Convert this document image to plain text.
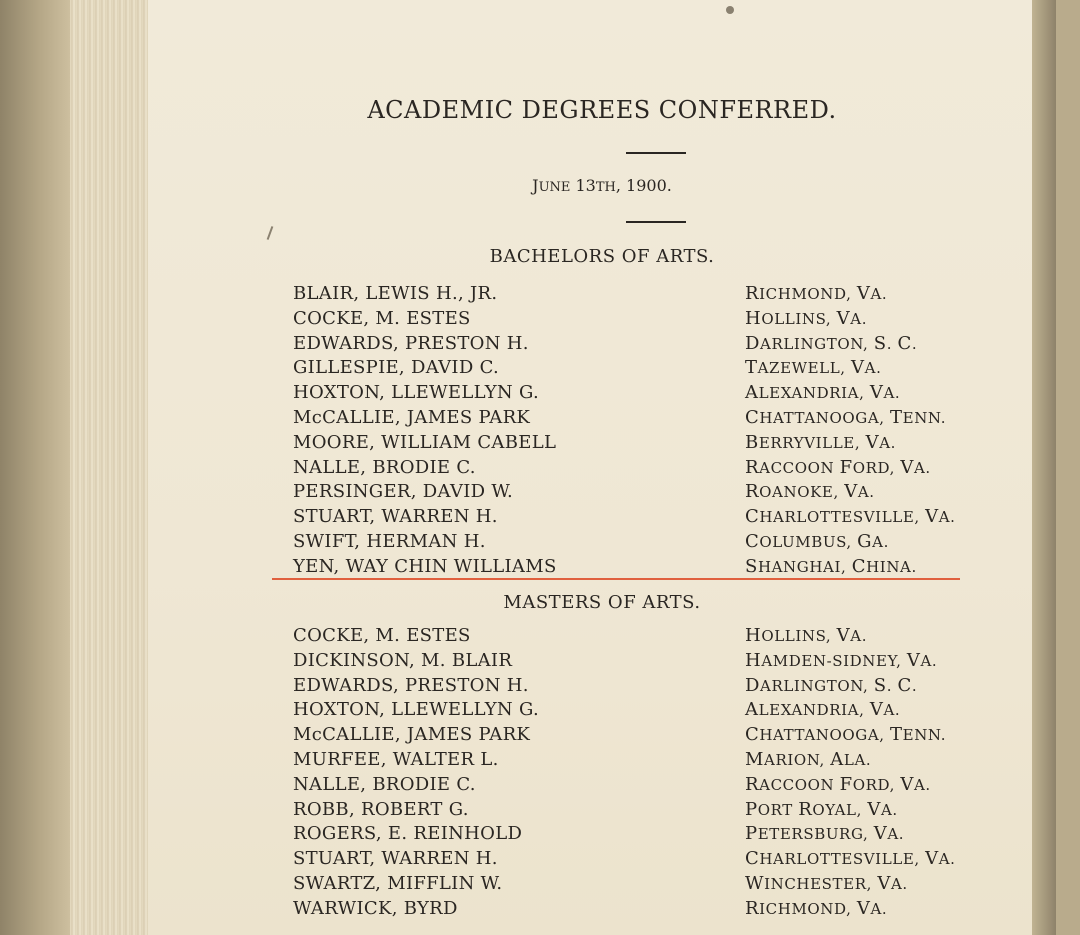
ACADEMIC DEGREES CONFERRED.

JUNE 13TH, 1900.

BACHELORS OF ARTS.
BLAIR, LEWIS H., JR.	RICHMOND, VA.
COCKE, M. ESTES	HOLLINS, VA.
EDWARDS, PRESTON H.	DARLINGTON, S. C.
GILLESPIE, DAVID C.	TAZEWELL, VA.
HOXTON, LLEWELLYN G.	ALEXANDRIA, VA.
McCALLIE, JAMES PARK	CHATTANOOGA, TENN.
MOORE, WILLIAM CABELL	BERRYVILLE, VA.
NALLE, BRODIE C.	RACCOON FORD, VA.
PERSINGER, DAVID W.	ROANOKE, VA.
STUART, WARREN H.	CHARLOTTESVILLE, VA.
SWIFT, HERMAN H.	COLUMBUS, GA.
YEN, WAY CHIN WILLIAMS	SHANGHAI, CHINA.
MASTERS OF ARTS.
COCKE, M. ESTES	HOLLINS, VA.
DICKINSON, M. BLAIR	HAMDEN-SIDNEY, VA.
EDWARDS, PRESTON H.	DARLINGTON, S. C.
HOXTON, LLEWELLYN G.	ALEXANDRIA, VA.
McCALLIE, JAMES PARK	CHATTANOOGA, TENN.
MURFEE, WALTER L.	MARION, ALA.
NALLE, BRODIE C.	RACCOON FORD, VA.
ROBB, ROBERT G.	PORT ROYAL, VA.
ROGERS, E. REINHOLD	PETERSBURG, VA.
STUART, WARREN H.	CHARLOTTESVILLE, VA.
SWARTZ, MIFFLIN W.	WINCHESTER, VA.
WARWICK, BYRD	RICHMOND, VA.
